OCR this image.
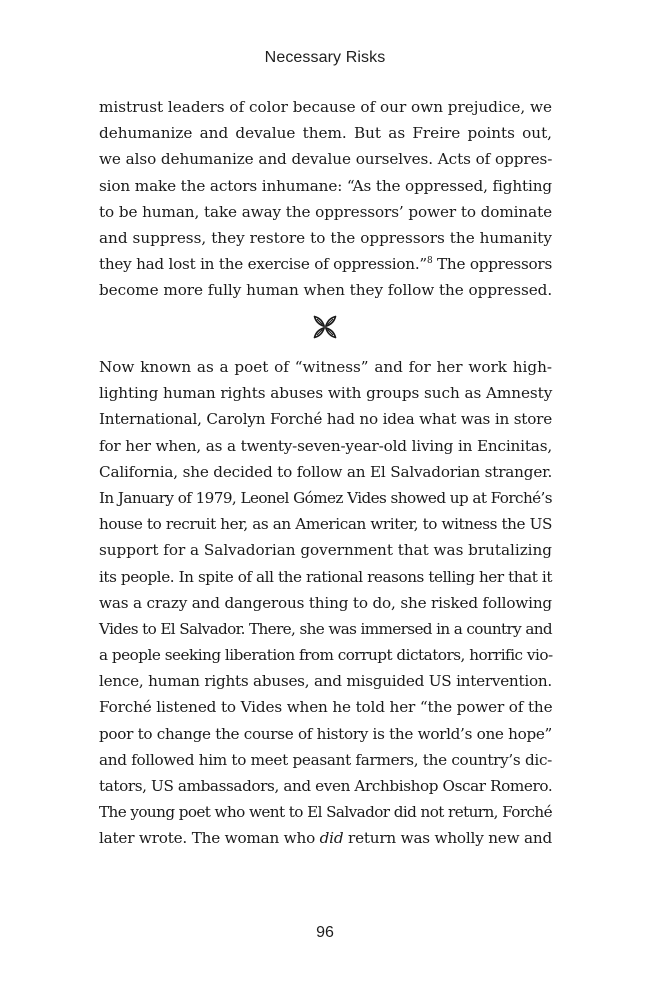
Necessary Risks
mistrust leaders of color because of our own prejudice, we
dehumanize and devalue them. But as Freire points out,
we also dehumanize and devalue ourselves. Acts of oppres-
sion make the actors inhumane: “As the oppressed, fighting
to be human, take away the oppressors’ power to dominate
and suppress, they restore to the oppressors the humanity
they had lost in the exercise of oppression.”$^8$ The oppressors
become more fully human when they follow the oppressed.
Now known as a poet of “witness” and for her work high-
lighting human rights abuses with groups such as Amnesty
International, Carolyn Forché had no idea what was in store
for her when, as a twenty-seven-year-old living in Encinitas,
California, she decided to follow an El Salvadorian stranger.
In January of 1979, Leonel Gómez Vides showed up at Forché’s
house to recruit her, as an American writer, to witness the US
support for a Salvadorian government that was brutalizing
its people. In spite of all the rational reasons telling her that it
was a crazy and dangerous thing to do, she risked following
Vides to El Salvador. There, she was immersed in a country and
a people seeking liberation from corrupt dictators, horrific vio-
lence, human rights abuses, and misguided US intervention.
Forché listened to Vides when he told her “the power of the
poor to change the course of history is the world’s one hope”
and followed him to meet peasant farmers, the country’s dic-
tators, US ambassadors, and even Archbishop Oscar Romero.
The young poet who went to El Salvador did not return, Forché
later wrote. The woman who did return was wholly new and
96
